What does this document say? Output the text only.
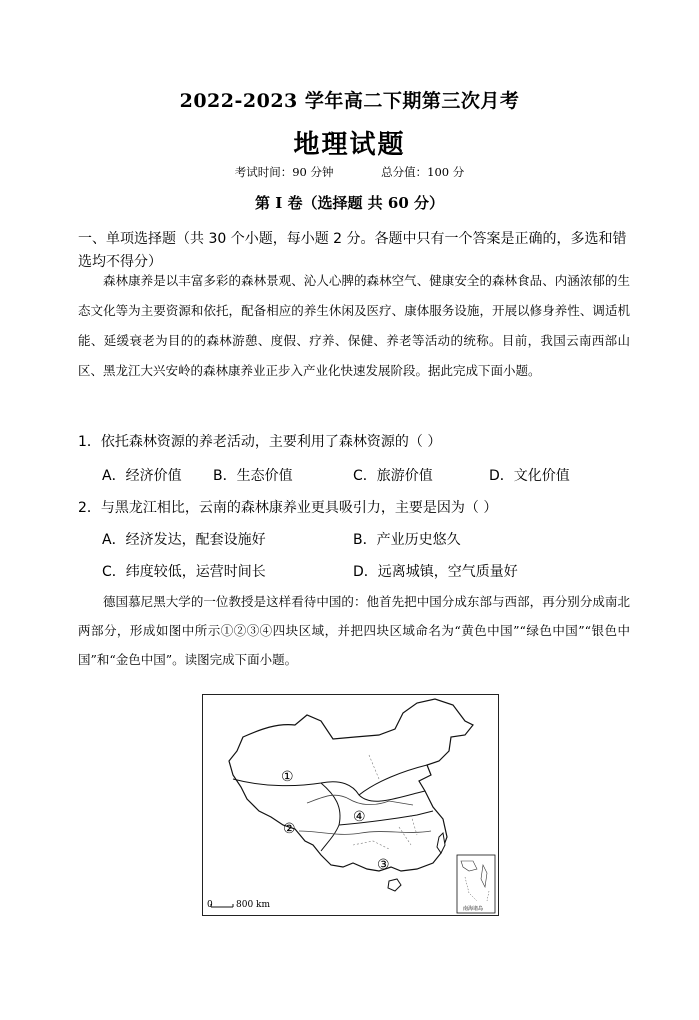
2022-2023 学年高二下期第三次月考
地理试题
考试时间：90 分钟	总分值：100 分
第 I 卷（选择题 共 60 分）
一、单项选择题（共 30 个小题，每小题 2 分。各题中只有一个答案是正确的，多选和错选均不得分）
森林康养是以丰富多彩的森林景观、沁人心脾的森林空气、健康安全的森林食品、内涵浓郁的生态文化等为主要资源和依托，配备相应的养生休闲及医疗、康体服务设施，开展以修身养性、调适机能、延缓衰老为目的的森林游憩、度假、疗养、保健、养老等活动的统称。目前，我国云南西部山区、黑龙江大兴安岭的森林康养业正步入产业化快速发展阶段。据此完成下面小题。
1．依托森林资源的养老活动，主要利用了森林资源的（ ）
A．经济价值 B．生态价值	C．旅游价值	D．文化价值
2．与黑龙江相比，云南的森林康养业更具吸引力，主要是因为（ ）
A．经济发达，配套设施好	B．产业历史悠久
C．纬度较低，运营时间长	D．远离城镇，空气质量好
德国慕尼黑大学的一位教授是这样看待中国的：他首先把中国分成东部与西部，再分别分成南北两部分，形成如图中所示①②③④四块区域，并把四块区域命名为“黄色中国”“绿色中国”“银色中国”和“金色中国”。读图完成下面小题。
①
②
③
④
0	800 km	南海诸岛
